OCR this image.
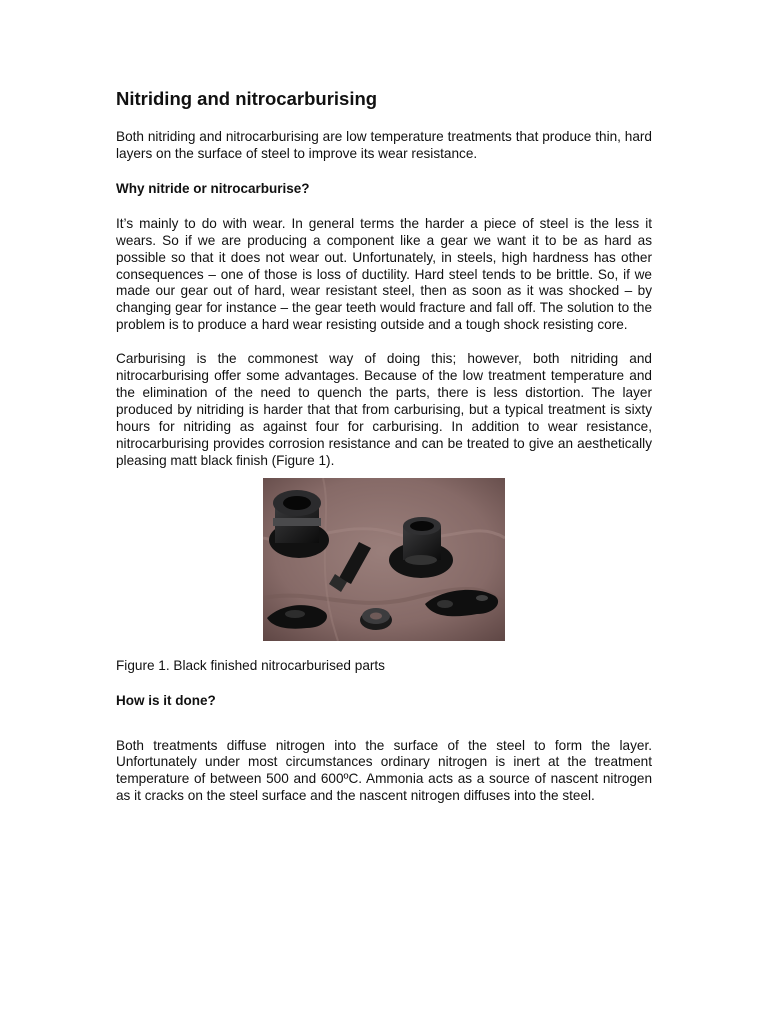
Nitriding and nitrocarburising

Both nitriding and nitrocarburising are low temperature treatments that produce thin, hard layers on the surface of steel to improve its wear resistance.

Why nitride or nitrocarburise?

It’s mainly to do with wear. In general terms the harder a piece of steel is the less it wears. So if we are producing a component like a gear we want it to be as hard as possible so that it does not wear out. Unfortunately, in steels, high hardness has other consequences – one of those is loss of ductility. Hard steel tends to be brittle. So, if we made our gear out of hard, wear resistant steel, then as soon as it was shocked – by changing gear for instance – the gear teeth would fracture and fall off. The solution to the problem is to produce a hard wear resisting outside and a tough shock resisting core.

Carburising is the commonest way of doing this; however, both nitriding and nitrocarburising offer some advantages. Because of the low treatment temperature and the elimination of the need to quench the parts, there is less distortion. The layer produced by nitriding is harder that that from carburising, but a typical treatment is sixty hours for nitriding as against four for carburising. In addition to wear resistance, nitrocarburising provides corrosion resistance and can be treated to give an aesthetically pleasing matt black finish (Figure 1).

Figure 1. Black finished nitrocarburised parts
How is it done?

Both treatments diffuse nitrogen into the surface of the steel to form the layer. Unfortunately under most circumstances ordinary nitrogen is inert at the treatment temperature of between 500 and 600ºC. Ammonia acts as a source of nascent nitrogen as it cracks on the steel surface and the nascent nitrogen diffuses into the steel.
